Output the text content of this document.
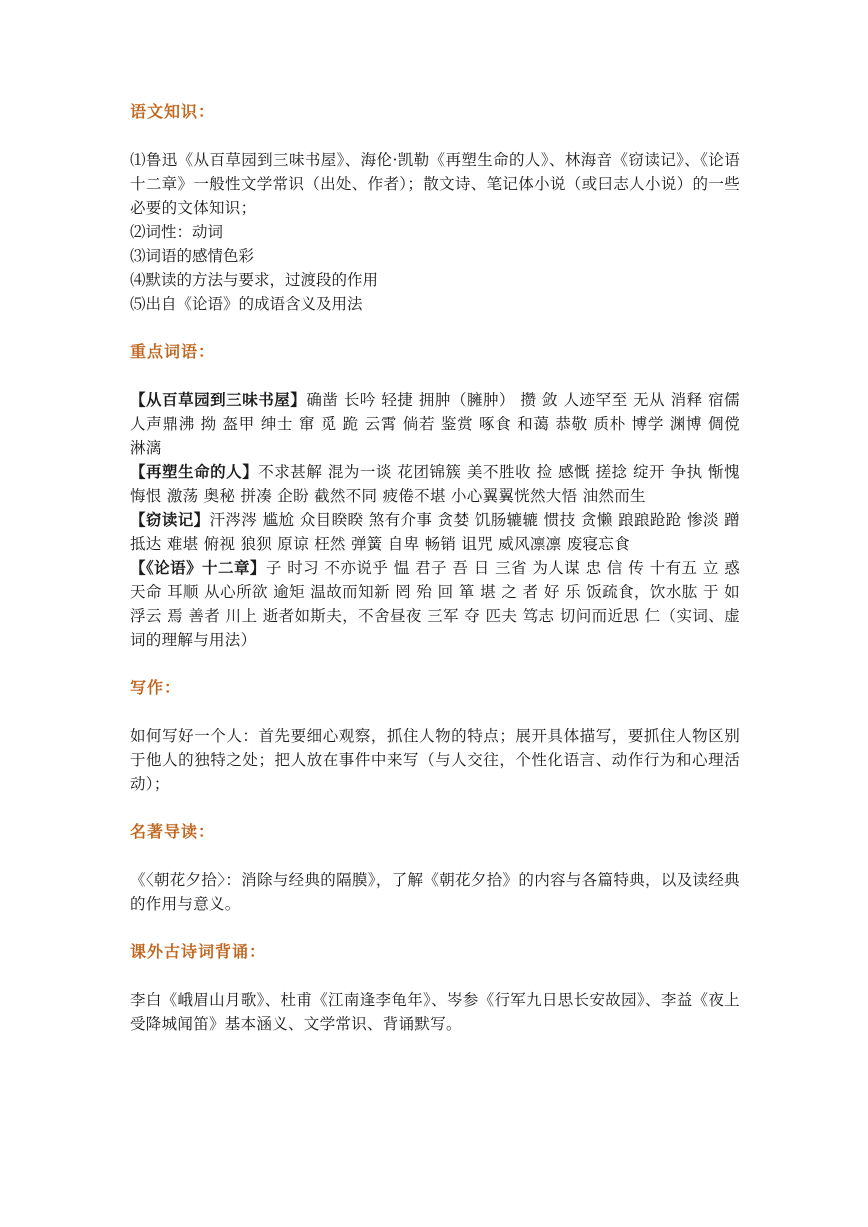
语文知识：

⑴鲁迅《从百草园到三味书屋》、海伦·凯勒《再塑生命的人》、林海音《窃读记》、《论语十二章》一般性文学常识（出处、作者）；散文诗、笔记体小说（或曰志人小说）的一些必要的文体知识；

⑵词性：动词

⑶词语的感情色彩

⑷默读的方法与要求，过渡段的作用

⑸出自《论语》的成语含义及用法

重点词语：

【从百草园到三味书屋】确凿 长吟 轻捷 拥肿（臃肿） 攒 敛 人迹罕至 无从 消释 宿儒 人声鼎沸 拗 盔甲 绅士 窜 觅 跪 云霄 倘若 鉴赏 啄食 和蔼 恭敬 质朴 博学 渊博 倜傥 淋漓

【再塑生命的人】不求甚解 混为一谈 花团锦簇 美不胜收 捡 感慨 搓捻 绽开 争执 惭愧 悔恨 激荡 奥秘 拼凑 企盼 截然不同 疲倦不堪 小心翼翼恍然大悟 油然而生

【窃读记】汗涔涔 尴尬 众目睽睽 煞有介事 贪婪 饥肠辘辘 惯技 贪懒 踉踉跄跄 惨淡 蹭 抵达 难堪 俯视 狼狈 原谅 枉然 弹簧 自卑 畅销 诅咒 威风凛凛 废寝忘食

【《论语》十二章】子 时习 不亦说乎 愠 君子 吾 日 三省 为人谋 忠 信 传 十有五 立 惑 天命 耳顺 从心所欲 逾矩 温故而知新 罔 殆 回 箪 堪 之 者 好 乐 饭疏食，饮水肱 于 如浮云 焉 善者 川上 逝者如斯夫，不舍昼夜 三军 夺 匹夫 笃志 切问而近思 仁（实词、虚词的理解与用法）

写作：

如何写好一个人：首先要细心观察，抓住人物的特点；展开具体描写，要抓住人物区别于他人的独特之处；把人放在事件中来写（与人交往，个性化语言、动作行为和心理活动）；

名著导读：

《〈朝花夕拾〉：消除与经典的隔膜》，了解《朝花夕拾》的内容与各篇特典，以及读经典的作用与意义。

课外古诗词背诵：

李白《峨眉山月歌》、杜甫《江南逢李龟年》、岑参《行军九日思长安故园》、李益《夜上受降城闻笛》基本涵义、文学常识、背诵默写。
